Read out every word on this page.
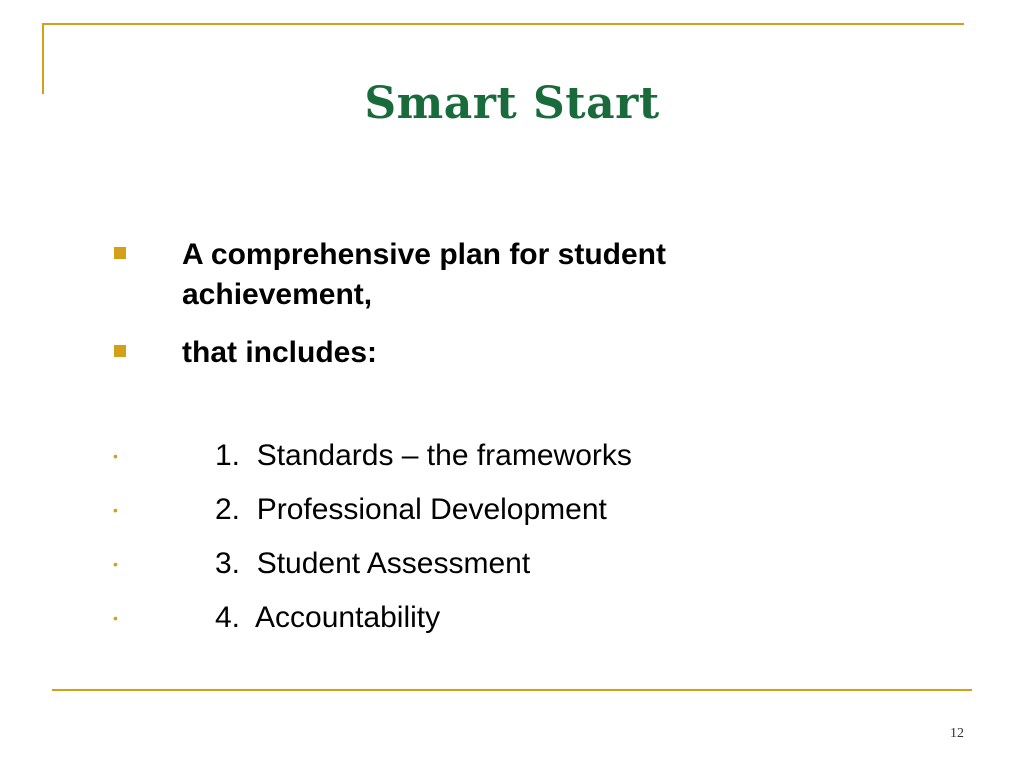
Smart Start
A comprehensive plan for student achievement,
that includes:
•	1.  Standards – the frameworks
•	2.  Professional Development
•	3.  Student Assessment
•	4.  Accountability
12
